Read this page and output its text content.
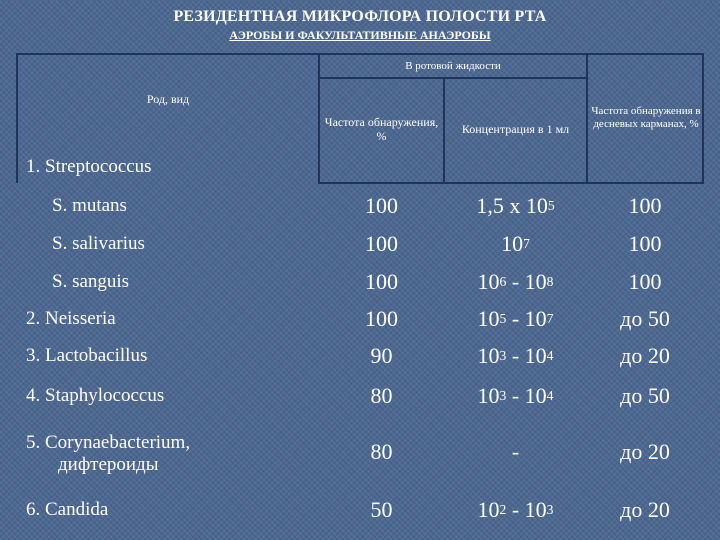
РЕЗИДЕНТНАЯ МИКРОФЛОРА ПОЛОСТИ РТА
АЭРОБЫ И ФАКУЛЬТАТИВНЫЕ АНАЭРОБЫ
Род, вид
В ротовой жидкости
Частота обнаружения, %	Концентрация в 1 мл
Частота обнаружения в десневых карманах, %
1. Streptococcus
S. mutans	100	1,5 х 10 5	100
S. salivarius	100	10 7	100
S. sanguis	100	10 6 - 10 8	100
2. Neisseria	100	10 5 - 10 7	до 50
3. Lactobacillus	90	10 3 - 10 4	до 20
4. Staphylococcus	80	10 3 - 10 4	до 50
5. Corynaebacterium,
дифтероиды
80	-	до 20
6. Candida	50	10 2 - 10 3	до 20
